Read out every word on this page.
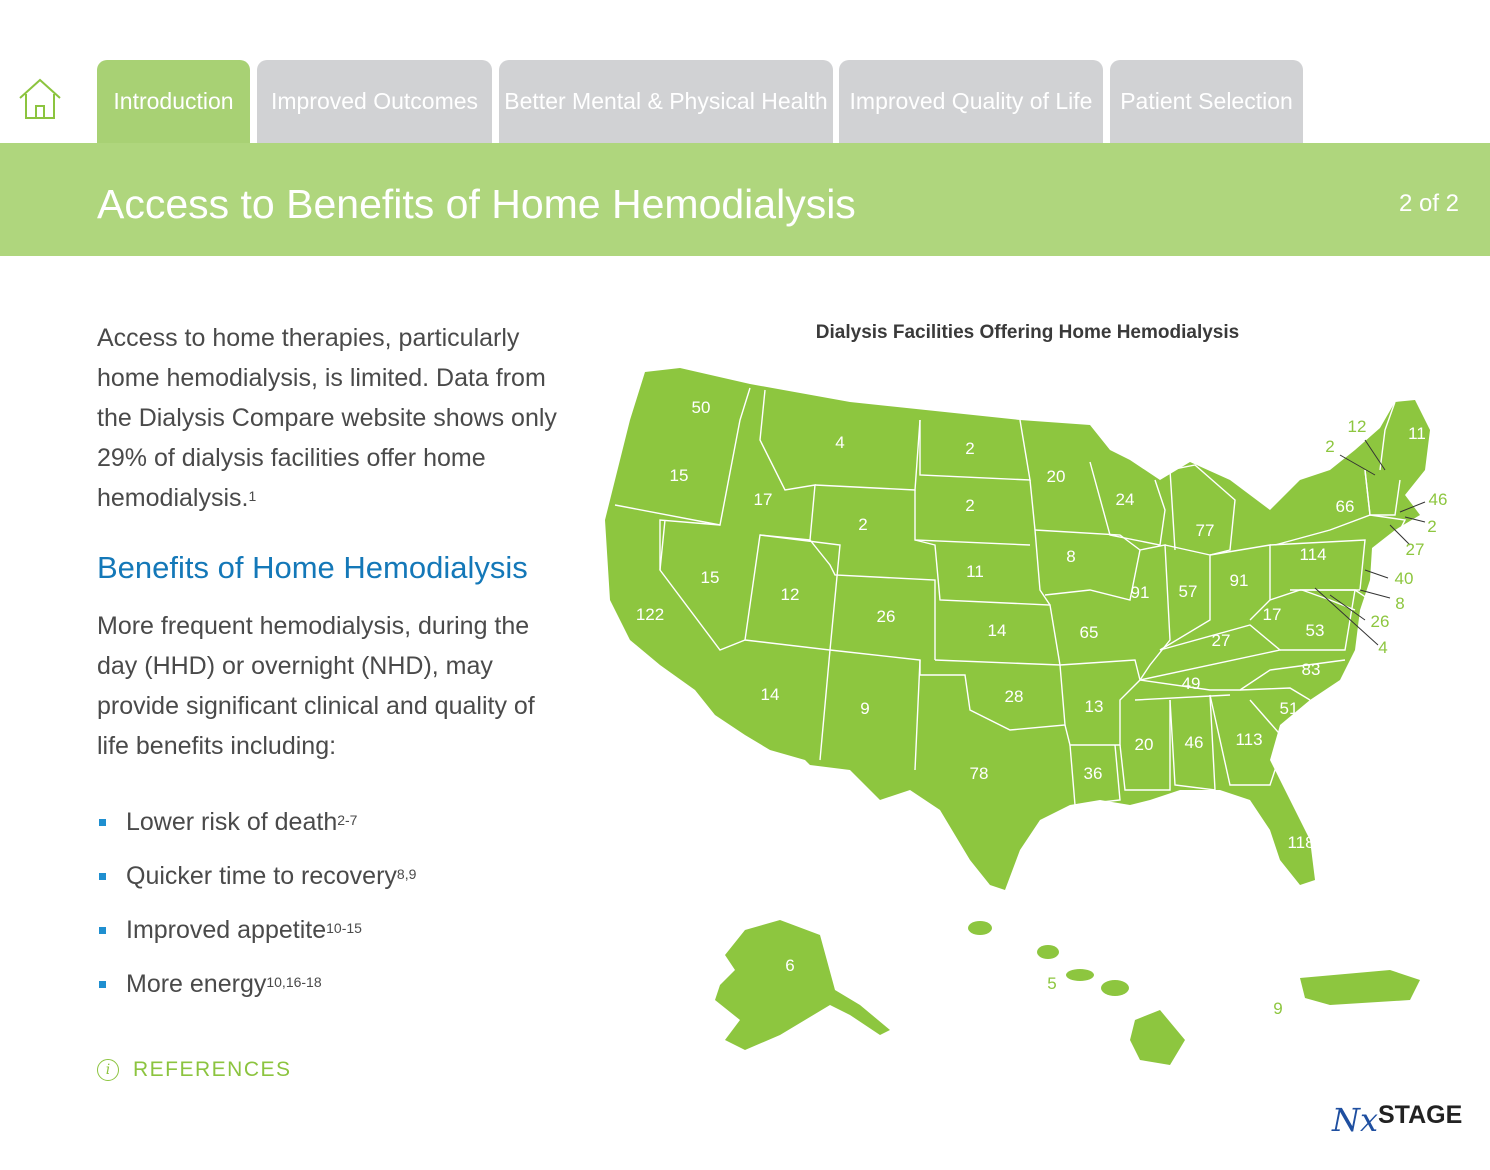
Introduction	Improved Outcomes	Better Mental & Physical Health Improved Quality of Life	Patient Selection
Access to Benefits of Home Hemodialysis	2 of 2
Access to home therapies, particularly home hemodialysis, is limited. Data from the Dialysis Compare website shows only 29% of dialysis facilities offer home hemodialysis.$^1$
Benefits of Home Hemodialysis
More frequent hemodialysis, during the day (HHD) or overnight (NHD), may provide significant clinical and quality of life benefits including:
Lower risk of death$^{2-7}$
Quicker time to recovery$^{8,9}$
Improved appetite$^{10-15}$
More energy$^{10,16-18}$
i	REFERENCES
Dialysis Facilities Offering Home Hemodialysis
50
15
122
15
17
4
2
12
14
26
9
2
2
11
14
28
78
20
8
65
13
36
24
91
77
57
91
27
49
20 46 113
118
51
83
53
17
114
66
11
6
12
2
46
2
27
40
8
26
4
5
9
Nx STAGE
